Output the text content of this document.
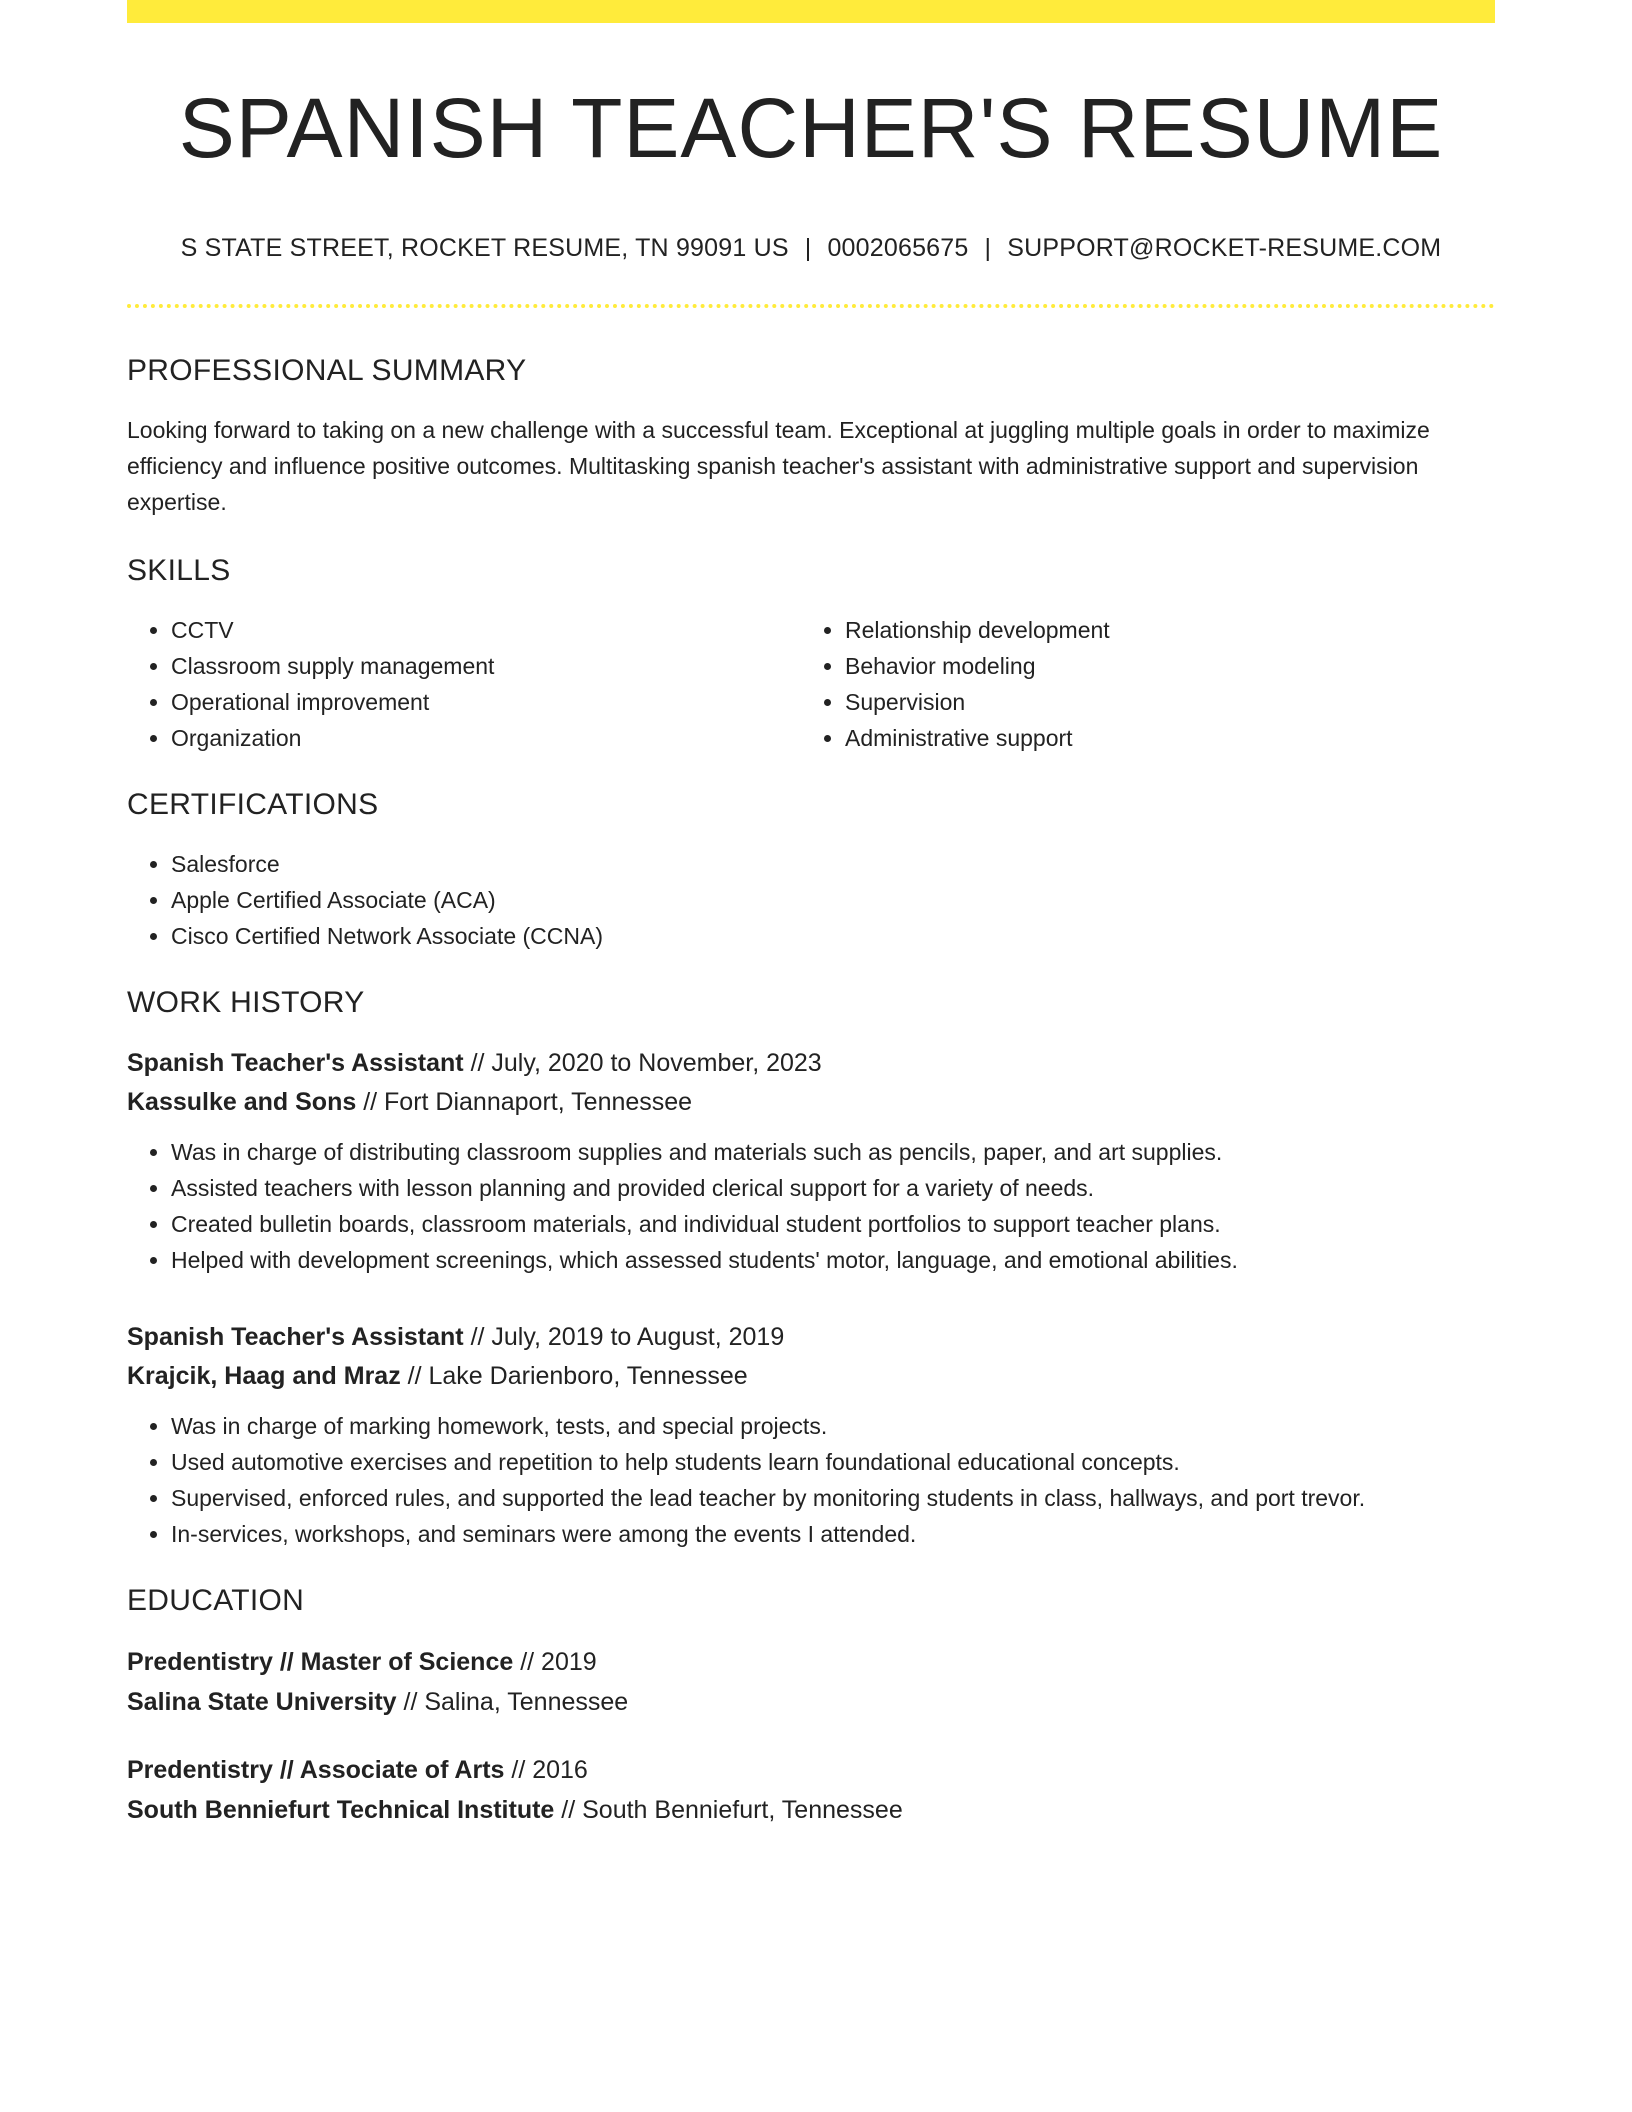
SPANISH TEACHER'S RESUME
S STATE STREET, ROCKET RESUME, TN 99091 US | 0002065675 | SUPPORT@ROCKET-RESUME.COM
PROFESSIONAL SUMMARY

Looking forward to taking on a new challenge with a successful team. Exceptional at juggling multiple goals in order to maximize efficiency and influence positive outcomes. Multitasking spanish teacher's assistant with administrative support and supervision expertise.

SKILLS
• CCTV
• Classroom supply management
• Operational improvement
• Organization
• Relationship development
• Behavior modeling
• Supervision
• Administrative support
CERTIFICATIONS
• Salesforce
• Apple Certified Associate (ACA)
• Cisco Certified Network Associate (CCNA)
WORK HISTORY
Spanish Teacher's Assistant // July, 2020 to November, 2023
Kassulke and Sons // Fort Diannaport, Tennessee
• Was in charge of distributing classroom supplies and materials such as pencils, paper, and art supplies.
• Assisted teachers with lesson planning and provided clerical support for a variety of needs.
• Created bulletin boards, classroom materials, and individual student portfolios to support teacher plans.
• Helped with development screenings, which assessed students' motor, language, and emotional abilities.
Spanish Teacher's Assistant // July, 2019 to August, 2019
Krajcik, Haag and Mraz // Lake Darienboro, Tennessee
• Was in charge of marking homework, tests, and special projects.
• Used automotive exercises and repetition to help students learn foundational educational concepts.
• Supervised, enforced rules, and supported the lead teacher by monitoring students in class, hallways, and port trevor.
• In-services, workshops, and seminars were among the events I attended.
EDUCATION
Predentistry // Master of Science // 2019
Salina State University // Salina, Tennessee
Predentistry // Associate of Arts // 2016
South Benniefurt Technical Institute // South Benniefurt, Tennessee
